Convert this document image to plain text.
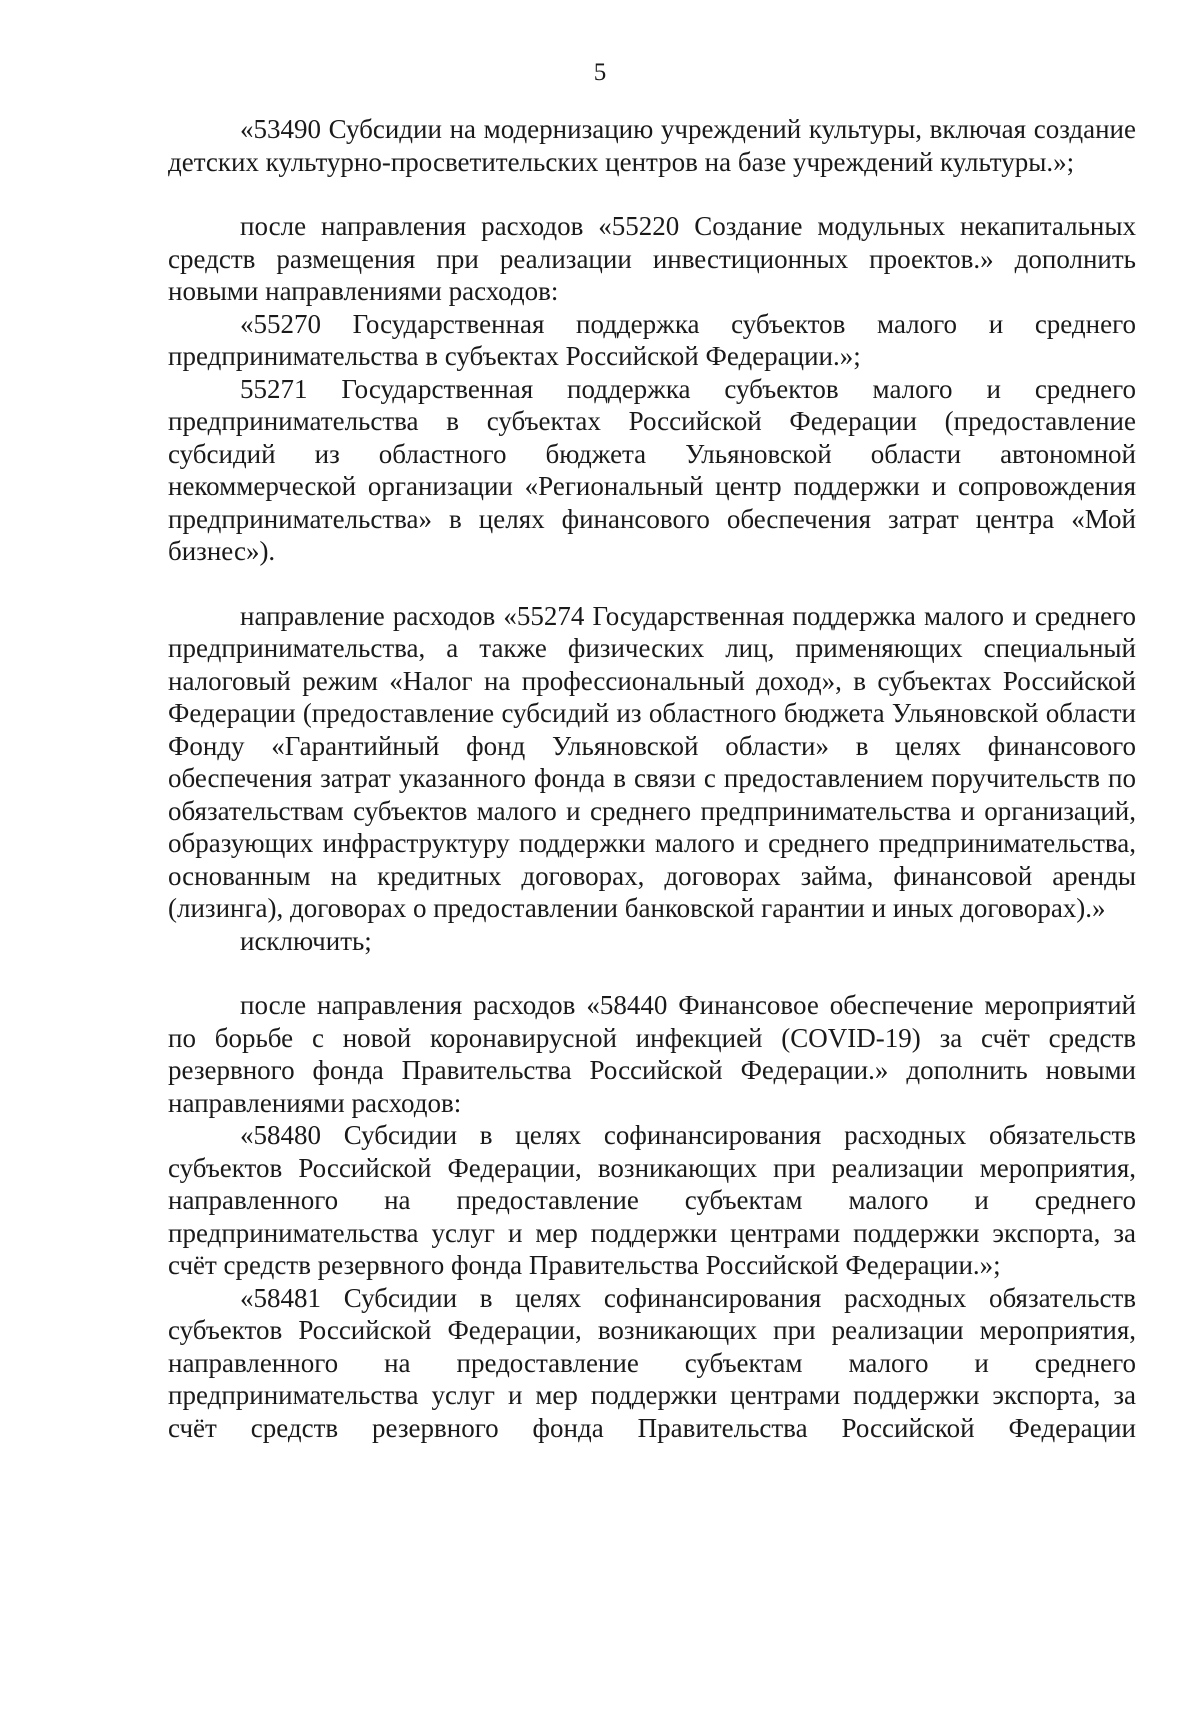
5

«53490 Субсидии на модернизацию учреждений культуры, включая создание детских культурно-просветительских центров на базе учреждений культуры.»;

после направления расходов «55220 Создание модульных некапитальных средств размещения при реализации инвестиционных проектов.» дополнить новыми направлениями расходов:

«55270 Государственная поддержка субъектов малого и среднего предпринимательства в субъектах Российской Федерации.»;

55271 Государственная поддержка субъектов малого и среднего предпринимательства в субъектах Российской Федерации (предоставление субсидий из областного бюджета Ульяновской области автономной некоммерческой организации «Региональный центр поддержки и сопровождения предпринимательства» в целях финансового обеспечения затрат центра «Мой бизнес»).

направление расходов «55274 Государственная поддержка малого и среднего предпринимательства, а также физических лиц, применяющих специальный налоговый режим «Налог на профессиональный доход», в субъектах Российской Федерации (предоставление субсидий из областного бюджета Ульяновской области Фонду «Гарантийный фонд Ульяновской области» в целях финансового обеспечения затрат указанного фонда в связи с предоставлением поручительств по обязательствам субъектов малого и среднего предпринимательства и организаций, образующих инфраструктуру поддержки малого и среднего предпринимательства, основанным на кредитных договорах, договорах займа, финансовой аренды (лизинга), договорах о предоставлении банковской гарантии и иных договорах).»

исключить;

после направления расходов «58440 Финансовое обеспечение мероприятий по борьбе с новой коронавирусной инфекцией (COVID-19) за счёт средств резервного фонда Правительства Российской Федерации.» дополнить новыми направлениями расходов:

«58480 Субсидии в целях софинансирования расходных обязательств субъектов Российской Федерации, возникающих при реализации мероприятия, направленного на предоставление субъектам малого и среднего предпринимательства услуг и мер поддержки центрами поддержки экспорта, за счёт средств резервного фонда Правительства Российской Федерации.»;

«58481 Субсидии в целях софинансирования расходных обязательств субъектов Российской Федерации, возникающих при реализации мероприятия, направленного на предоставление субъектам малого и среднего предпринимательства услуг и мер поддержки центрами поддержки экспорта, за счёт средств резервного фонда Правительства Российской Федерации
